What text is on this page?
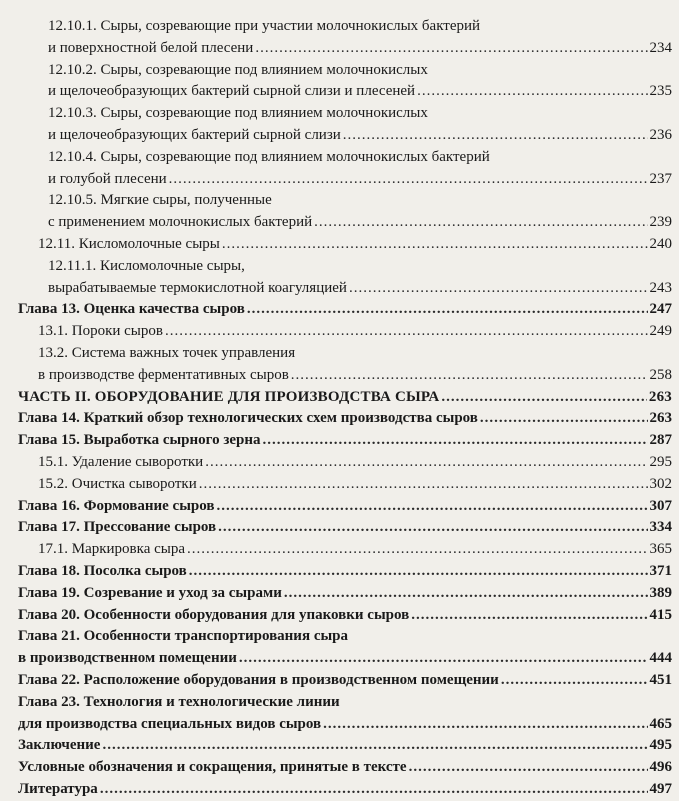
12.10.1. Сыры, созревающие при участии молочнокислых бактерий
и поверхностной белой плесени .....	234
12.10.2. Сыры, созревающие под влиянием молочнокислых
и щелочеобразующих бактерий сырной слизи и плесеней .....	235
12.10.3. Сыры, созревающие под влиянием молочнокислых
и щелочеобразующих бактерий сырной слизи .....	236
12.10.4. Сыры, созревающие под влиянием молочнокислых бактерий
и голубой плесени .....	237
12.10.5. Мягкие сыры, полученные
с применением молочнокислых бактерий .....	239
12.11. Кисломолочные сыры .....	240
12.11.1. Кисломолочные сыры,
вырабатываемые термокислотной коагуляцией .....	243
Глава 13. Оценка качества сыров .....	247
13.1. Пороки сыров .....	249
13.2. Система важных точек управления
в производстве ферментативных сыров .....	258
ЧАСТЬ II. ОБОРУДОВАНИЕ ДЛЯ ПРОИЗВОДСТВА СЫРА .....	263
Глава 14. Краткий обзор технологических схем производства сыров .....	263
Глава 15. Выработка сырного зерна .....	287
15.1. Удаление сыворотки .....	295
15.2. Очистка сыворотки .....	302
Глава 16. Формование сыров .....	307
Глава 17. Прессование сыров .....	334
17.1. Маркировка сыра .....	365
Глава 18. Посолка сыров .....	371
Глава 19. Созревание и уход за сырами .....	389
Глава 20. Особенности оборудования для упаковки сыров .....	415
Глава 21. Особенности транспортирования сыра
в производственном помещении .....	444
Глава 22. Расположение оборудования в производственном помещении .....	451
Глава 23. Технология и технологические линии
для производства специальных видов сыров .....	465
Заключение .....	495
Условные обозначения и сокращения, принятые в тексте .....	496
Литература .....	497
